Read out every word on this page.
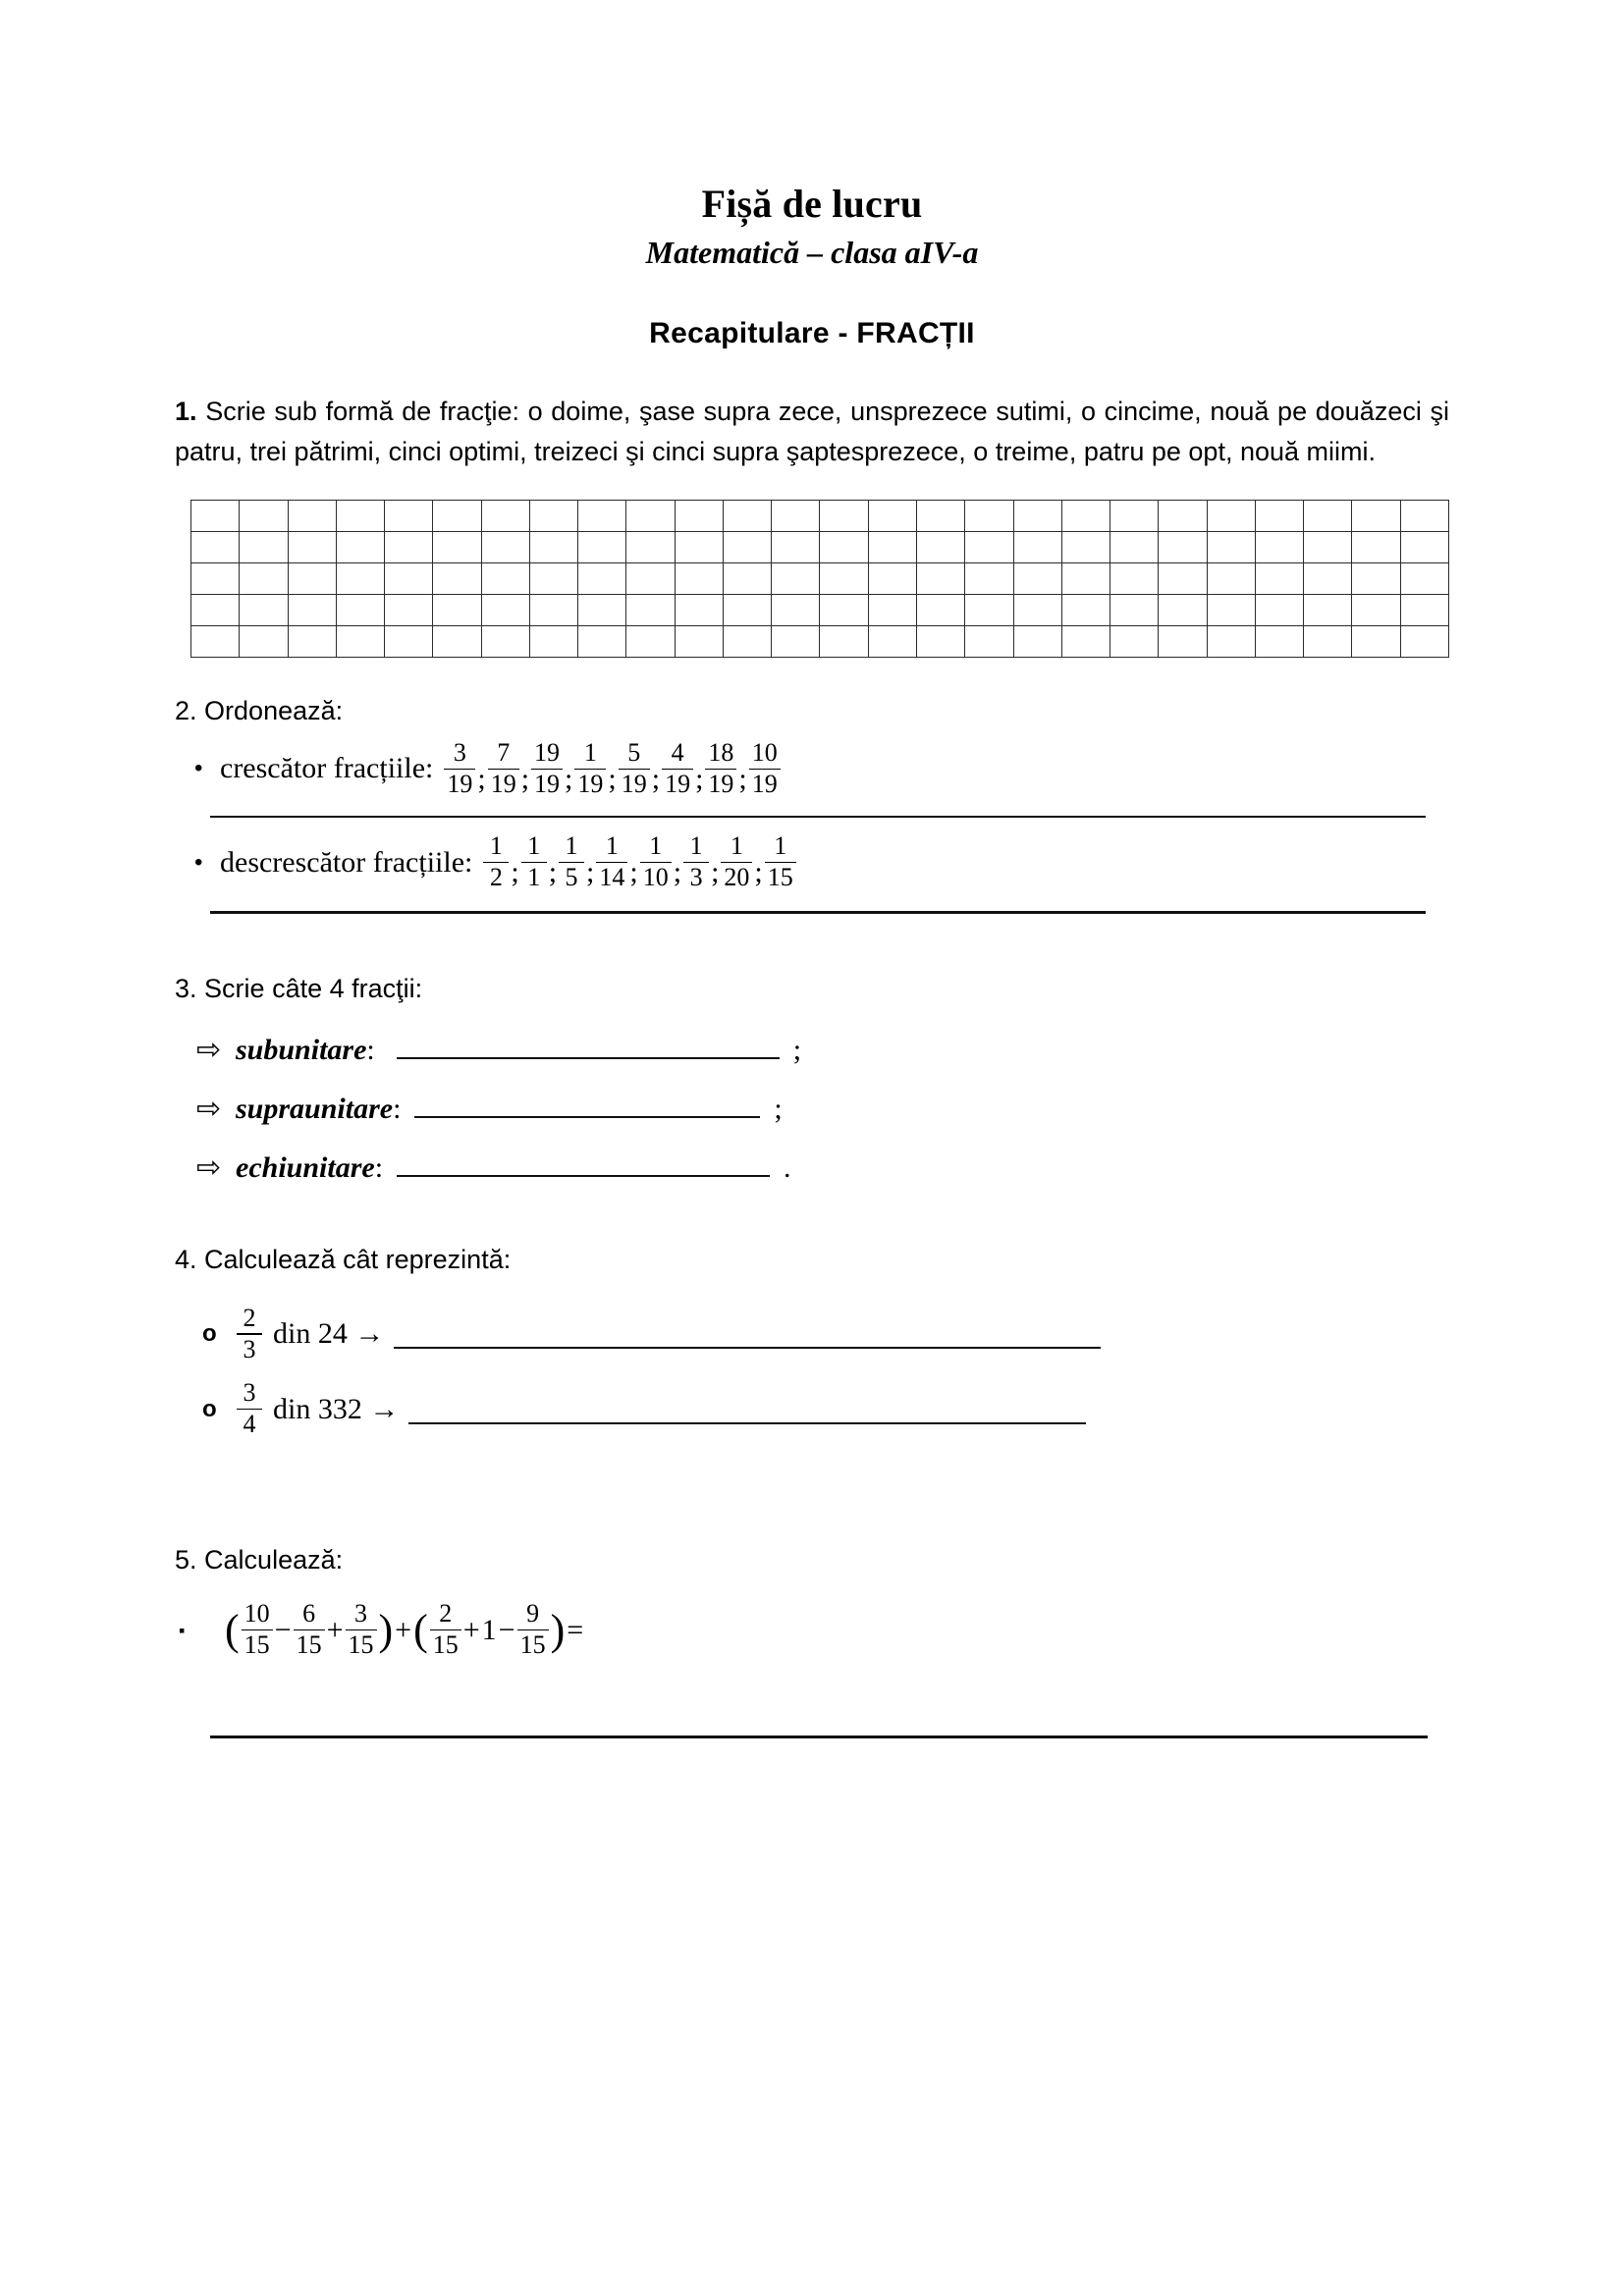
Fișă de lucru
Matematică – clasa aIV-a
Recapitulare - FRACȚII
1. Scrie sub formă de fracţie: o doime, şase supra zece, unsprezece sutimi, o cincime, nouă pe douăzeci şi patru, trei pătrimi, cinci optimi, treizeci şi cinci supra şaptesprezece, o treime, patru pe opt, nouă miimi.

2. Ordonează:
• crescător fracțiile: $\frac{3}{19}$ ; $\frac{7}{19}$ ; $\frac{19}{19}$ ; $\frac{1}{19}$ ; $\frac{5}{19}$ ; $\frac{4}{19}$ ; $\frac{18}{19}$ ; $\frac{10}{19}$
• descrescător fracțiile: $\frac{1}{2}$ ; $\frac{1}{1}$ ; $\frac{1}{5}$ ; $\frac{1}{14}$ ; $\frac{1}{10}$ ; $\frac{1}{3}$ ; $\frac{1}{20}$ ; $\frac{1}{15}$
3. Scrie câte 4 fracţii:
⇨ subunitare :	;
⇨ supraunitare :	;
⇨ echiunitare :	.
4. Calculează cât reprezintă:
o $\frac{2}{3}$ din 24 →
o $\frac{3}{4}$ din 332 →
5. Calculează:
▪ ( $\frac{10}{15} - \frac{6}{15} + \frac{3}{15}$ ) + ( $\frac{2}{15} + 1 - \frac{9}{15}$ ) =
